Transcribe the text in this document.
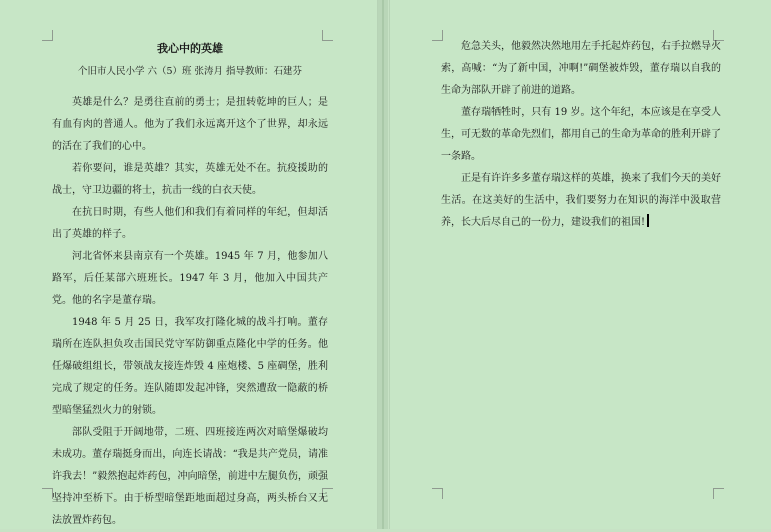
我心中的英雄
个旧市人民小学 六（5）班 张涛月 指导教师：石建芬

英雄是什么？是勇往直前的勇士；是扭转乾坤的巨人；是有血有肉的普通人。他为了我们永远离开这个了世界，却永远的活在了我们的心中。

若你要问，谁是英雄？其实，英雄无处不在。抗疫援助的战士，守卫边疆的将士，抗击一线的白衣天使。

在抗日时期，有些人他们和我们有着同样的年纪，但却活出了英雄的样子。

河北省怀来县南京有一个英雄。1945 年 7 月，他参加八路军，后任某部六班班长。1947 年 3 月，他加入中国共产党。他的名字是董存瑞。

1948 年 5 月 25 日，我军攻打隆化城的战斗打响。董存瑞所在连队担负攻击国民党守军防御重点隆化中学的任务。他任爆破组组长，带领战友接连炸毁 4 座炮楼、5 座碉堡，胜利完成了规定的任务。连队随即发起冲锋，突然遭敌一隐蔽的桥型暗堡猛烈火力的射锁。

部队受阻于开阔地带，二班、四班接连两次对暗堡爆破均未成功。董存瑞挺身而出，向连长请战：“我是共产党员，请准许我去！”毅然抱起炸药包，冲向暗堡，前进中左腿负伤，顽强坚持冲至桥下。由于桥型暗堡距地面超过身高，两头桥台又无法放置炸药包。

危急关头，他毅然决然地用左手托起炸药包，右手拉燃导火索，高喊：“为了新中国，冲啊!”碉堡被炸毁，董存瑞以自我的生命为部队开辟了前进的道路。

董存瑞牺牲时，只有 19 岁。这个年纪，本应该是在享受人生，可无数的革命先烈们，都用自己的生命为革命的胜利开辟了一条路。

正是有许许多多董存瑞这样的英雄，换来了我们今天的美好生活。在这美好的生活中，我们要努力在知识的海洋中汲取营养，长大后尽自己的一份力，建设我们的祖国!
